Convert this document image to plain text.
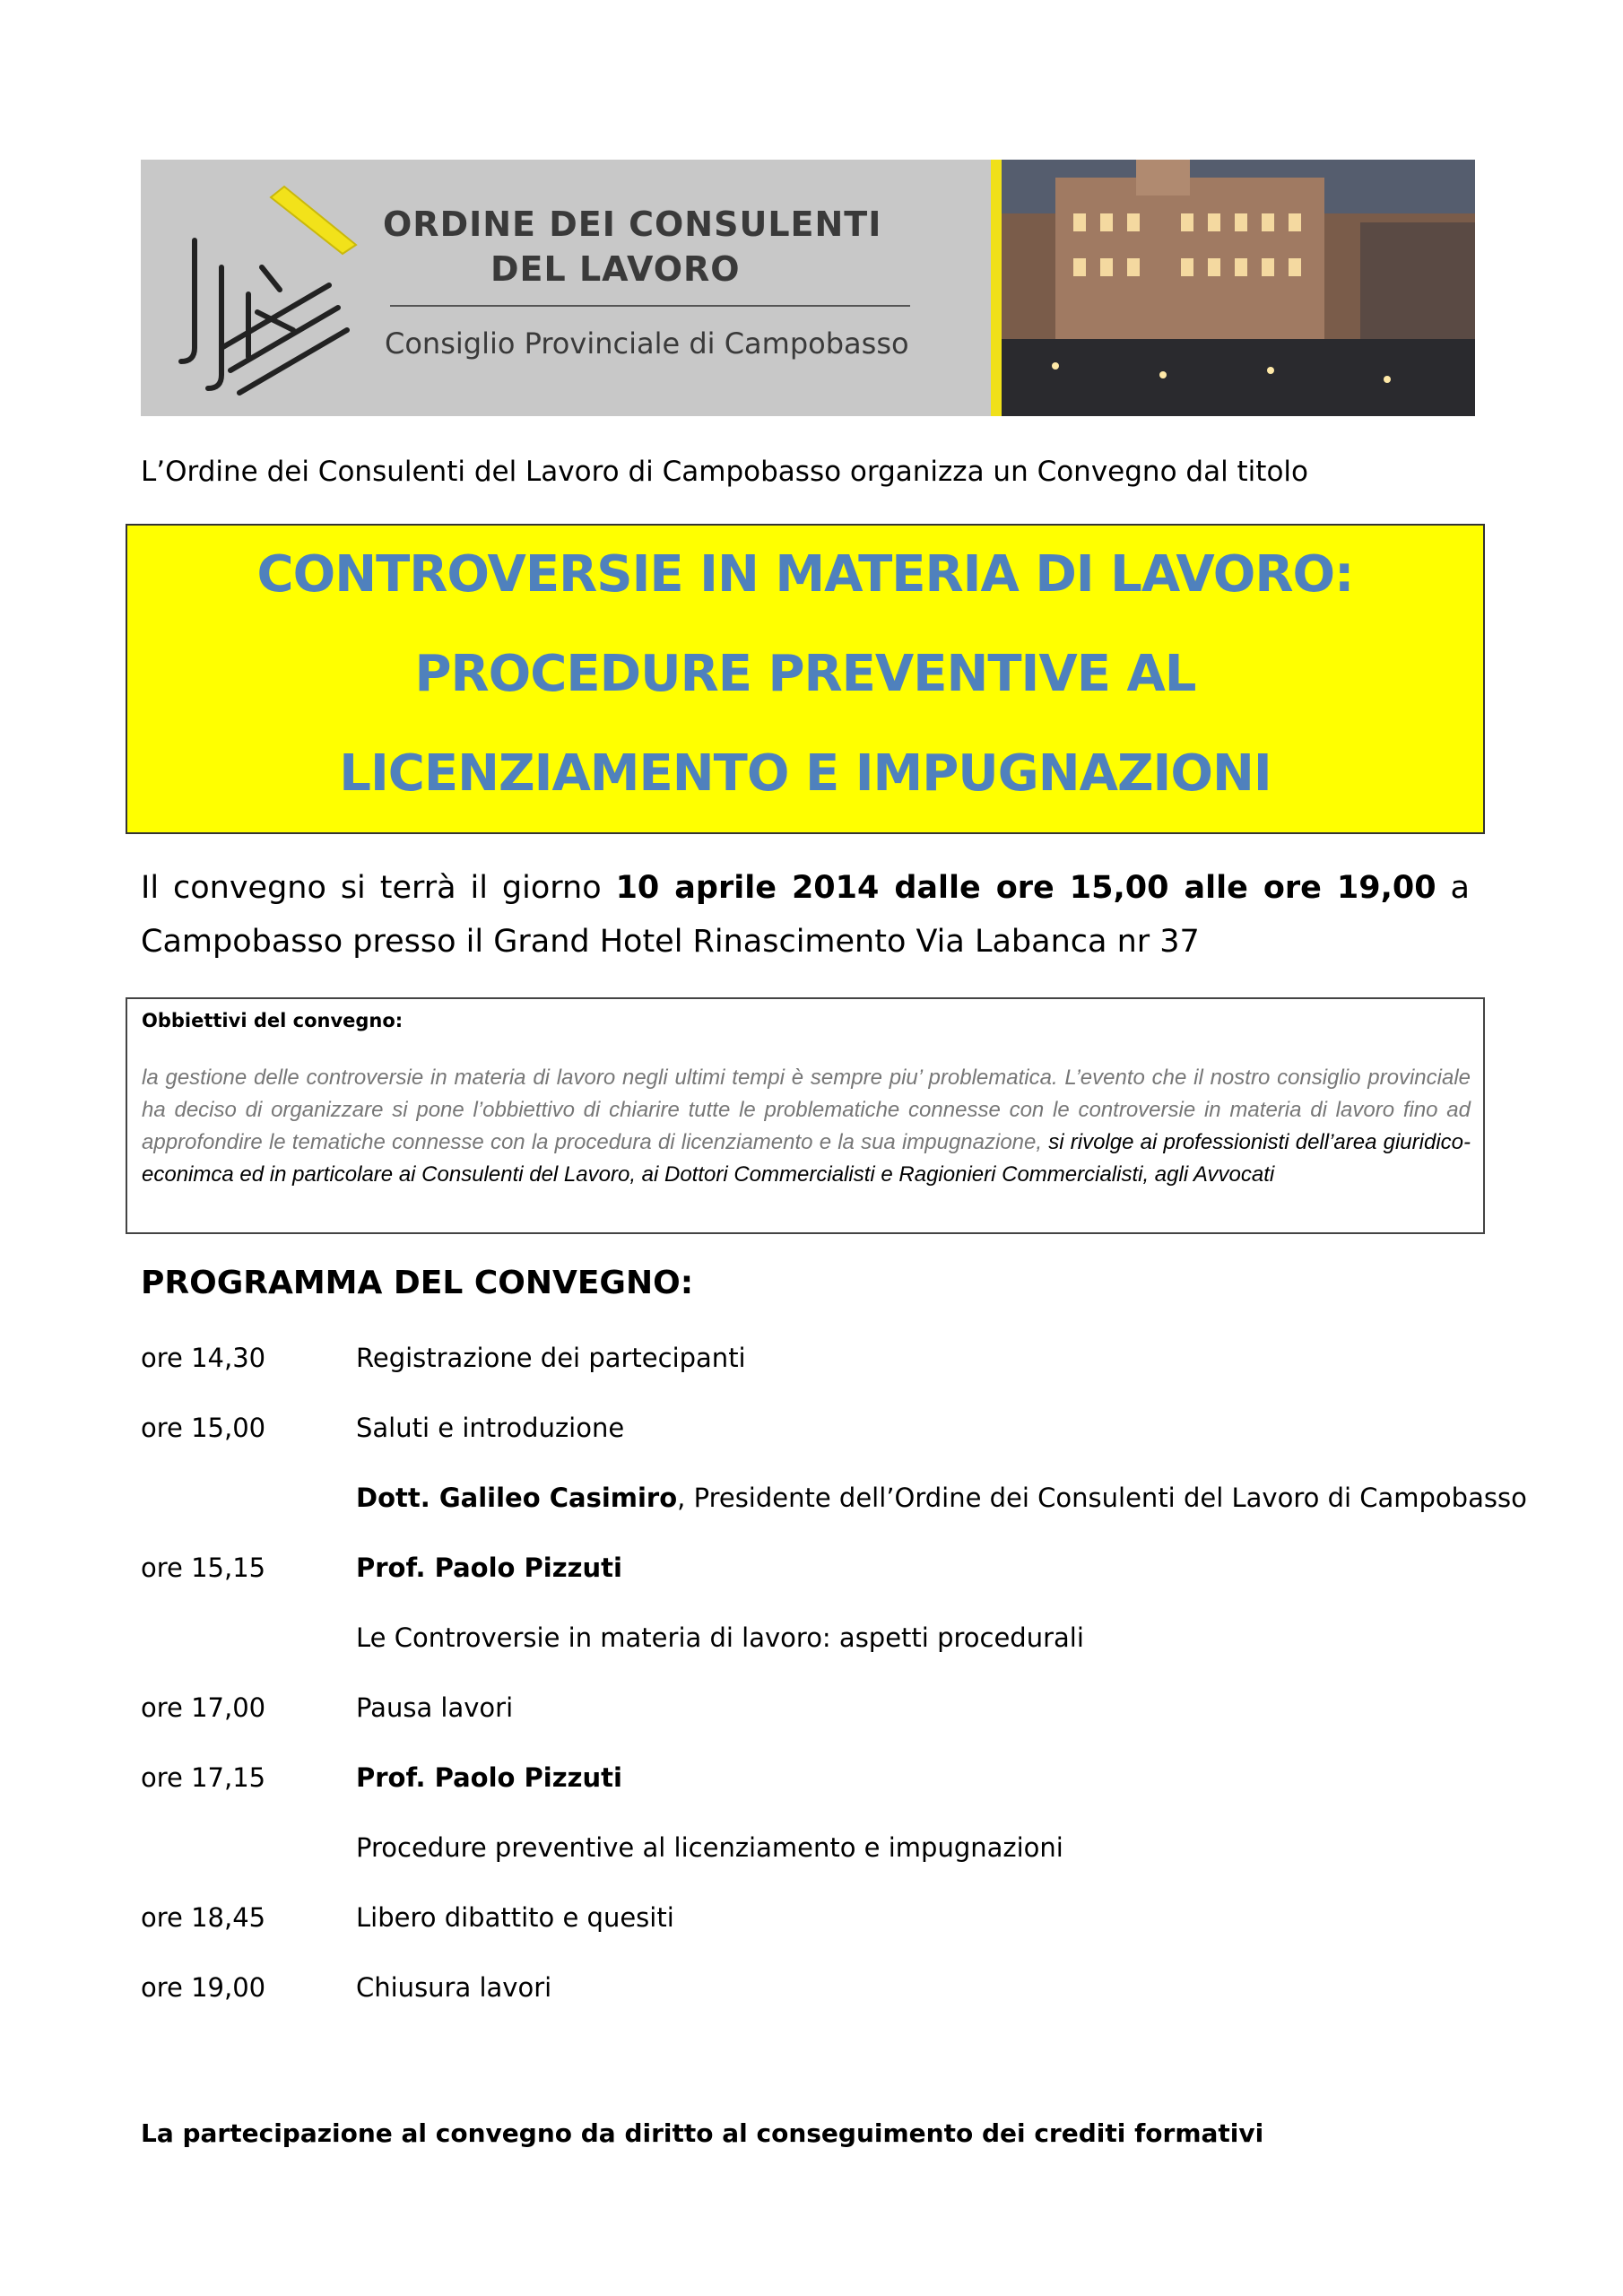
ORDINE DEI CONSULENTI
DEL LAVORO
Consiglio Provinciale di Campobasso
L’Ordine dei Consulenti del Lavoro di Campobasso organizza un Convegno dal titolo
CONTROVERSIE IN MATERIA DI LAVORO:
PROCEDURE PREVENTIVE AL
LICENZIAMENTO E IMPUGNAZIONI
Il convegno si terrà il giorno 10 aprile 2014 dalle ore 15,00 alle ore 19,00 a
Campobasso presso il Grand Hotel Rinascimento Via Labanca nr 37
Obbiettivi del convegno:
la gestione delle controversie in materia di lavoro negli ultimi tempi è sempre piu’ problematica. L’evento che il nostro consiglio provinciale ha deciso di organizzare si pone l’obbiettivo di chiarire tutte le problematiche connesse con le controversie in materia di lavoro fino ad approfondire le tematiche connesse con la procedura di licenziamento e la sua impugnazione, si rivolge ai professionisti dell’area giuridico-econimca ed in particolare ai Consulenti del Lavoro, ai Dottori Commercialisti e Ragionieri Commercialisti, agli Avvocati
PROGRAMMA DEL CONVEGNO:
ore 14,30	Registrazione dei partecipanti
ore 15,00	Saluti e introduzione
Dott. Galileo Casimiro, Presidente dell’Ordine dei Consulenti del Lavoro di Campobasso
ore 15,15	Prof. Paolo Pizzuti
Le Controversie in materia di lavoro: aspetti procedurali
ore 17,00	Pausa lavori
ore 17,15	Prof. Paolo Pizzuti
Procedure preventive al licenziamento e impugnazioni
ore 18,45	Libero dibattito e quesiti
ore 19,00	Chiusura lavori
La partecipazione al convegno da diritto al conseguimento dei crediti formativi
